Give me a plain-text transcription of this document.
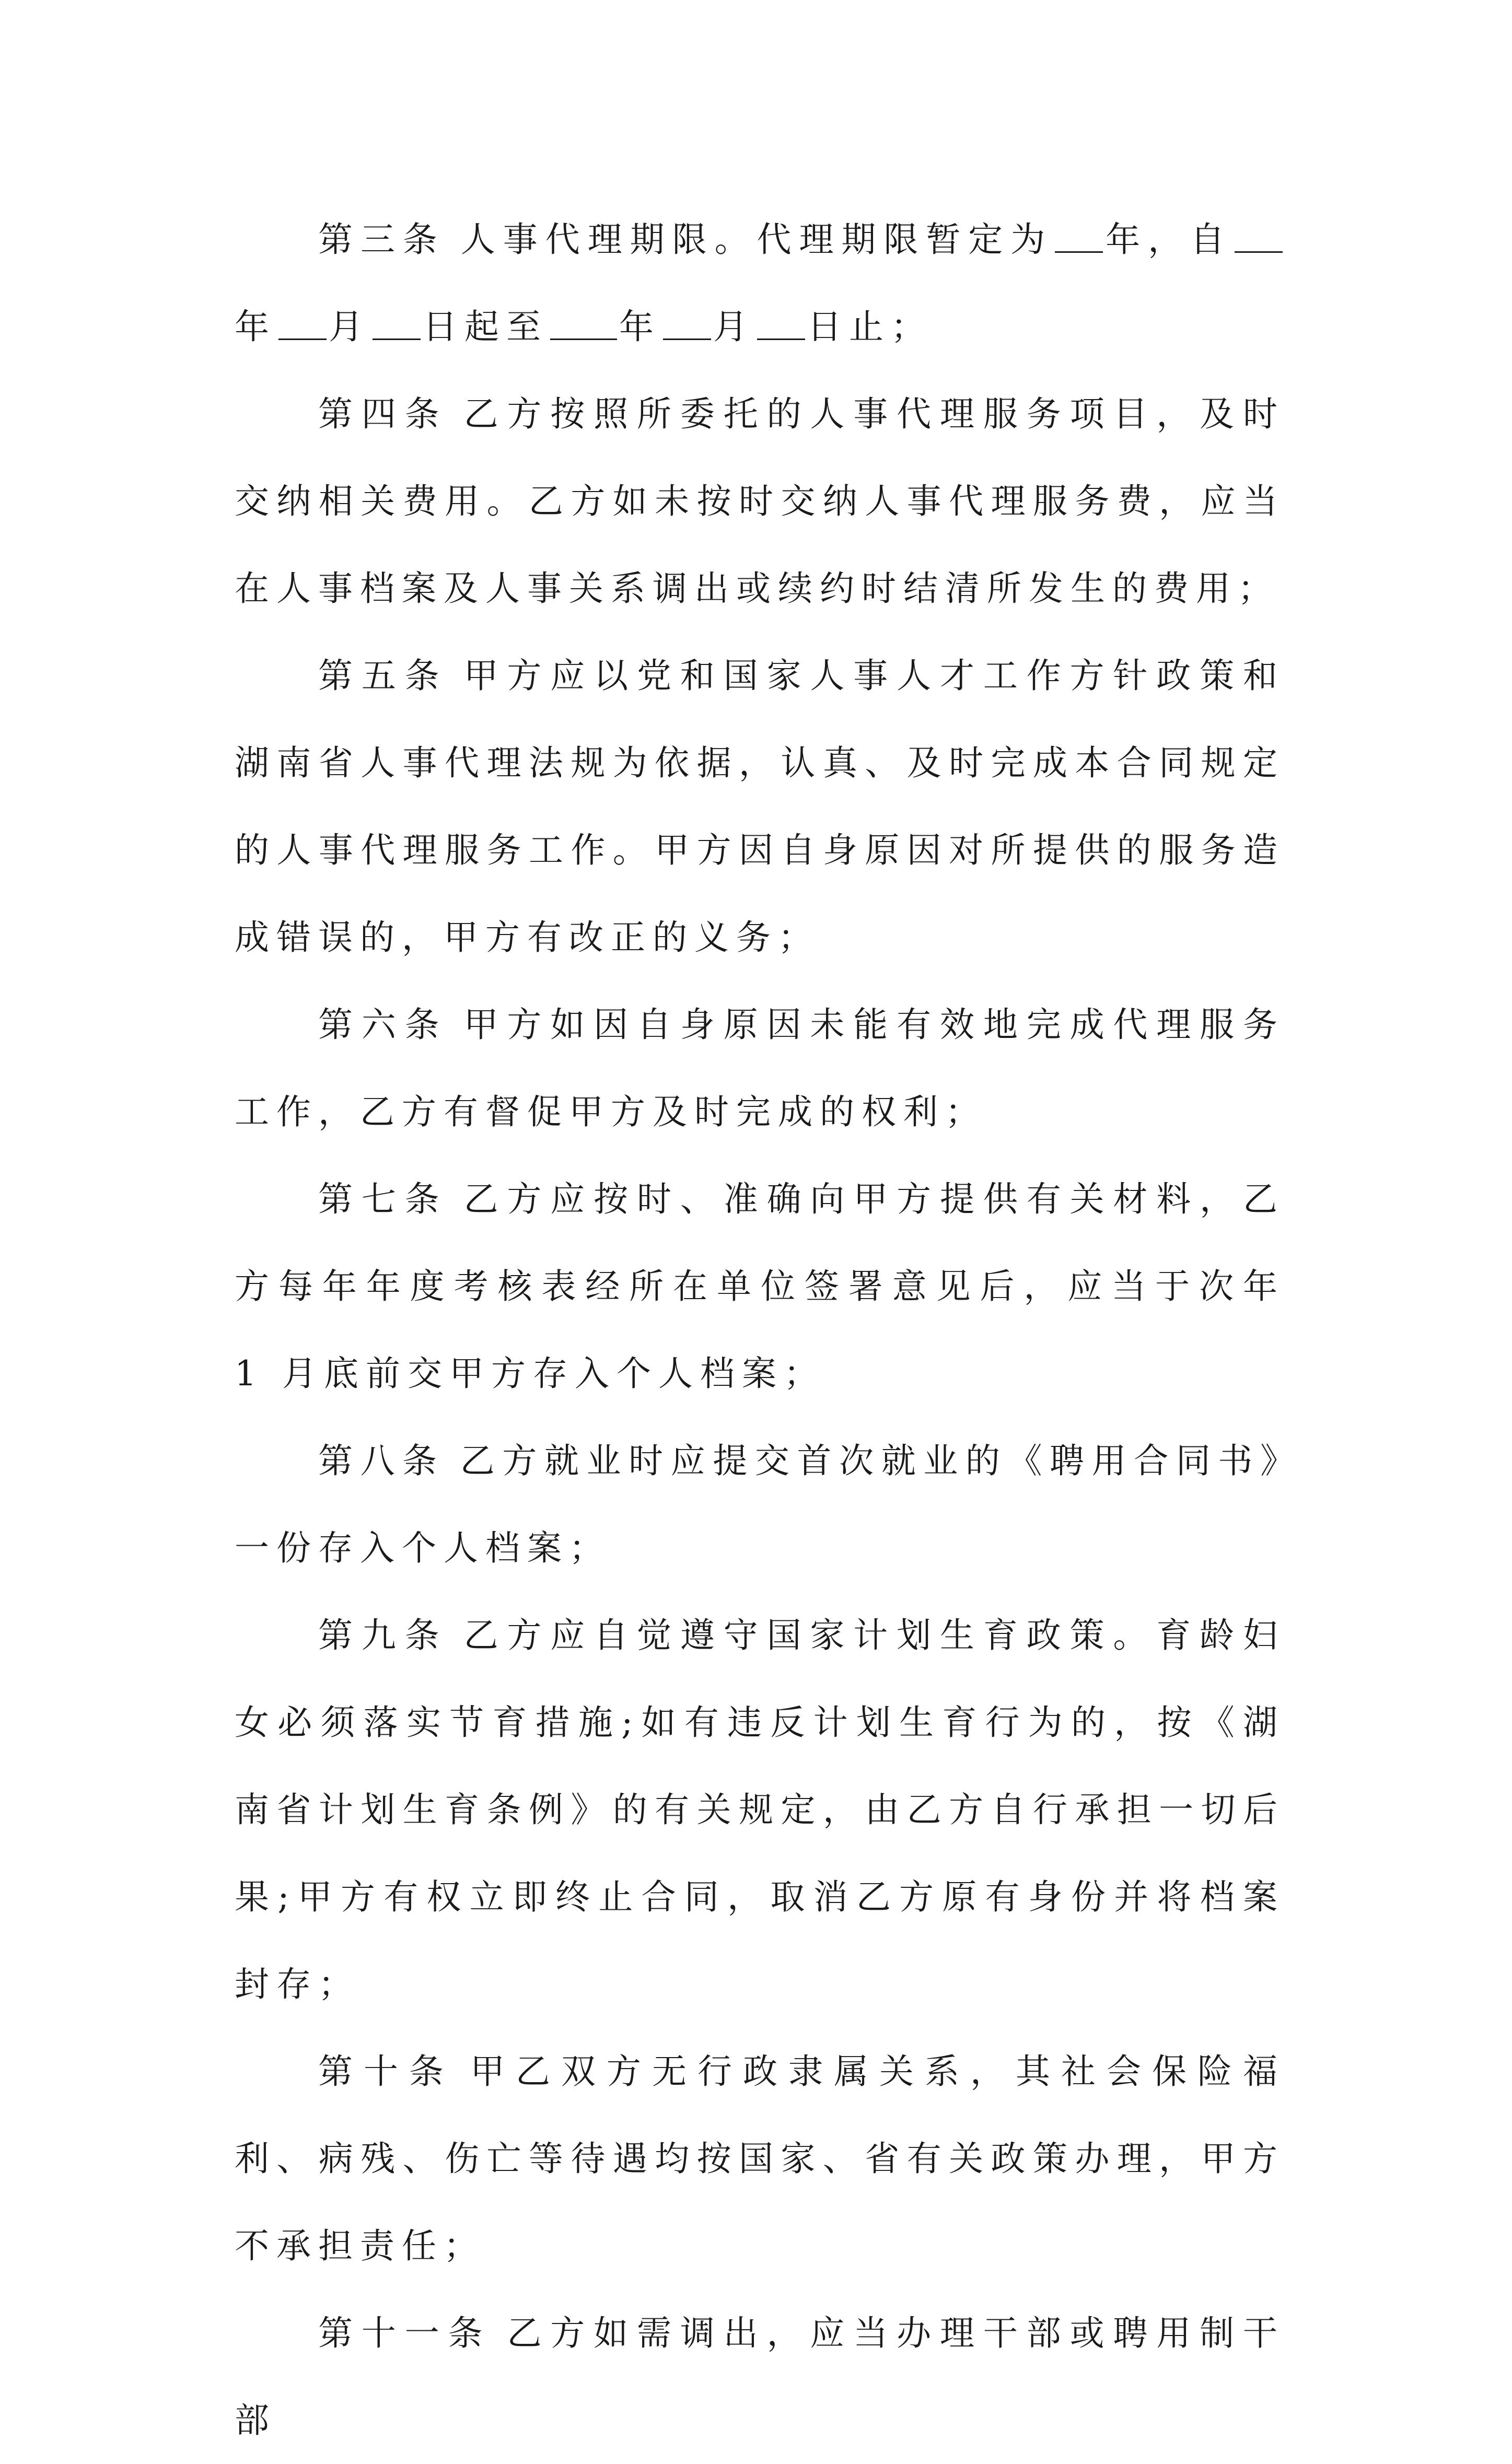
第三条 人事代理期限。代理期限暂定为 年，自年 月 日起至 年 月 日止；

第四条 乙方按照所委托的人事代理服务项目，及时交纳相关费用。乙方如未按时交纳人事代理服务费，应当在人事档案及人事关系调出或续约时结清所发生的费用；

第五条 甲方应以党和国家人事人才工作方针政策和湖南省人事代理法规为依据，认真、及时完成本合同规定的人事代理服务工作。甲方因自身原因对所提供的服务造成错误的，甲方有改正的义务；

第六条 甲方如因自身原因未能有效地完成代理服务工作，乙方有督促甲方及时完成的权利；

第七条 乙方应按时、准确向甲方提供有关材料，乙方每年年度考核表经所在单位签署意见后，应当于次年 1 月底前交甲方存入个人档案；

第八条 乙方就业时应提交首次就业的《聘用合同书》一份存入个人档案；

第九条 乙方应自觉遵守国家计划生育政策。育龄妇女必须落实节育措施;如有违反计划生育行为的，按《湖南省计划生育条例》的有关规定，由乙方自行承担一切后果;甲方有权立即终止合同，取消乙方原有身份并将档案封存；

第十条 甲乙双方无行政隶属关系，其社会保险福利、病残、伤亡等待遇均按国家、省有关政策办理，甲方不承担责任；

第十一条 乙方如需调出，应当办理干部或聘用制干部
